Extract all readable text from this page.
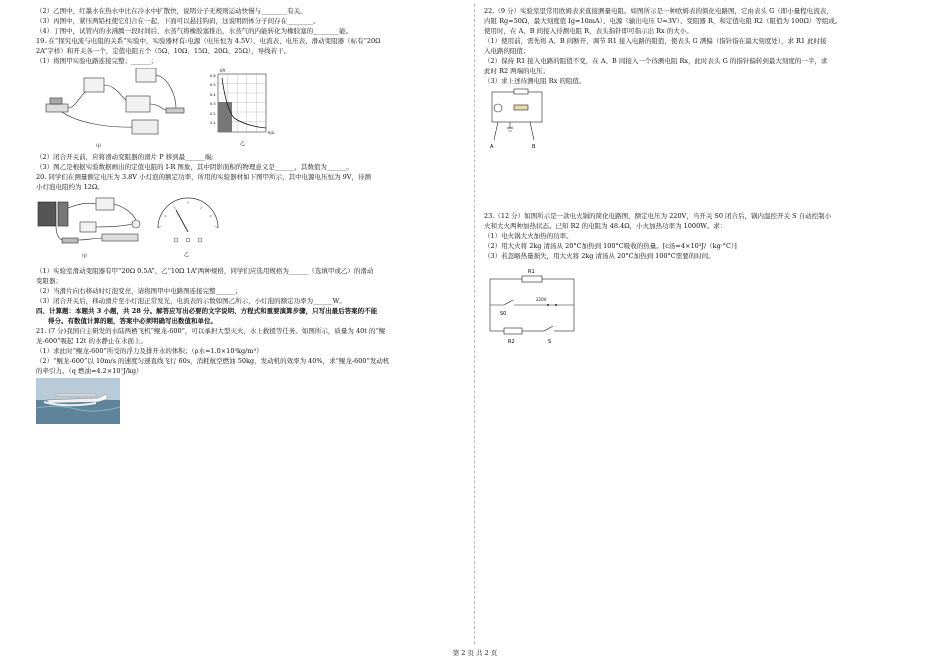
（2）乙图中，红墨水在热水中比在冷水中扩散快，说明分子无规则运动快慢与________有关。

（3）丙图中，紧压两铅柱使它们合在一起，下面可以悬挂钩码，这说明固体分子间存在________。

（4）丁图中，试管内的水沸腾一段时间后，水蒸气将橡胶塞推出，水蒸气的内能转化为橡胶塞的________能。

19. 在“探究电流与电阻的关系”实验中，实验器材有:电源（电压恒为 4.5V）、电流表、电压表、滑动变阻器（标有“20Ω

2A”字样）和开关各一个，定值电阻五个（5Ω、10Ω、15Ω、20Ω、25Ω），导线若干。

（1）将图甲实验电路连接完整；______；

甲
I/A
0.6
0.5
0.4
0.3
0.2
0.1
R/Ω
乙

（2）闭合开关前，应将滑动变阻器的滑片 P 移到最______端;

（3）图乙是根据实验数据画出的定值电阻的 I-R 图象，其中阴影面积的物理意义是______，其数值为______。

20. 同学们在测量额定电压为 3.8V 小灯泡的额定功率，所用的实验器材如下图甲所示，其中电源电压恒为 9V，待测

小灯泡电阻约为 12Ω。

甲	乙

（1）实验室滑动变阻器有甲“20Ω 0.5A”、乙“10Ω 1A”两种规格，同学们应选用规格为______（选填甲或乙）的滑动

变阻器；

（2）当滑片向右移动时灯泡变亮，请将图甲中电路图连接完整______；

（3）闭合开关后，移动滑片至小灯泡正常发光，电流表的示数如图乙所示，小灯泡的额定功率为______W。

四、计算题：本题共 3 小题，共 28 分。解答应写出必要的文字说明、方程式和重要演算步骤，只写出最后答案的不能

得分。有数值计算的题，答案中必须明确写出数值和单位。

21. (7 分)我国自主研发的水陆两栖飞机“鲲龙-600”，可以承担大型灭火、水上救援等任务。如图所示，质量为 40t 的“鲲

龙-600”吸起 12t 的水静止在水面上。

（1）求此时“鲲龙-600”所受的浮力及排开水的体积；（ρ水=1.0×10³kg/m³）

（2）“鲲龙-600”以 10m/s 的速度匀速直线飞行 60s，消耗航空燃油 50kg，发动机的效率为 40%，求“鲲龙-600”发动机

的牵引力。（q 燃油=4.2×10⁷J/kg）

22.（9 分）实验室里常用欧姆表来直接测量电阻。如图所示是一种欧姆表的简化电路图，它由表头 G（即小量程电流表，

内阻 Rg=50Ω，最大刻度值 Ig=10mA）、电源（输出电压 U=3V）、变阻器 R，和定值电阻 R2（阻值为 100Ω）等组成。

使用时，在 A、B 间接入待测电阻 R，表头指针即可指示出 Rx 的大小。

（1）使用前，需先将 A、B 间断开，调节 R1 接入电路的阻值，使表头 G 满偏（指针指在最大刻度处），求 R1 此时接

入电路的阻值；

（2）保持 R1 接入电路的阻值不变，在 A、B 间接入一个待测电阻 Rx，此时表头 G 的指针偏转到最大刻度的一半，求

此时 R2 两端的电压；

（3）求上述待测电阻 Rx 的阻值。

A	B

23.（12 分）如图所示是一款电火锅的简化电路图，额定电压为 220V，当开关 S0 闭合后，锅内温控开关 S 自动控制小

火和大火两种加热状态。已知 R2 的电阻为 48.4Ω，小火加热功率为 1000W。求：

（1）电火锅大火加热的功率。

（2）用大火将 2kg 清汤从 20°C加热到 100°C吸收的热量。[c汤=4×10³J/（kg·°C）]

（3）若忽略热量损失，用大火将 2kg 清汤从 20°C加热到 100°C需要的时间。

R1
S0
220V
R2	S
第 2 页 共 2 页
